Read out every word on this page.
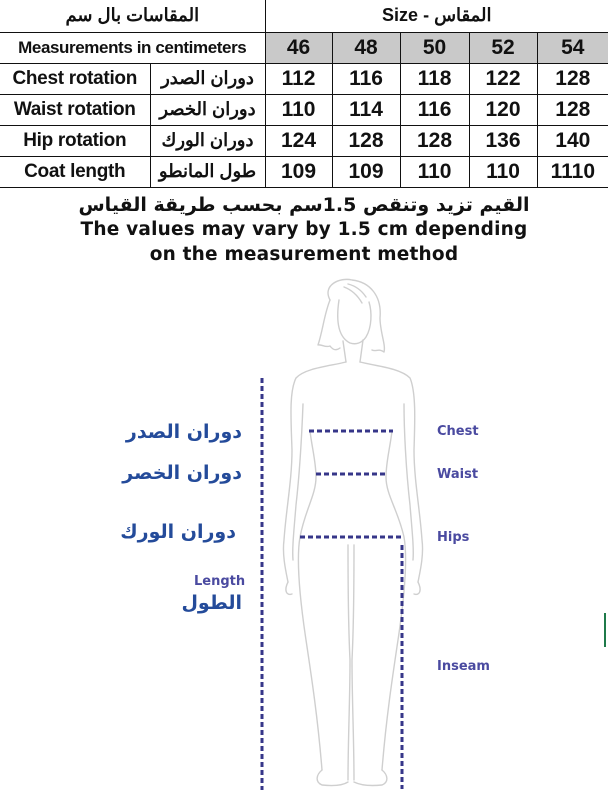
المقاسات بال سم		Size - المقاس				
Measurements in centimeters		46	48	50	52	54
Chest rotation	دوران الصدر	112	116	118	122	128
Waist rotation	دوران الخصر	110	114	116	120	128
Hip rotation	دوران الورك	124	128	128	136	140
Coat length	طول المانطو	109	109	110	110	1110
القيم تزيد وتنقص 1.5سم بحسب طريقة القياس
The values may vary by 1.5 cm depending
on the measurement method
دوران الصدر
دوران الخصر
دوران الورك
Length
الطول
Chest
Waist
Hips
Inseam
